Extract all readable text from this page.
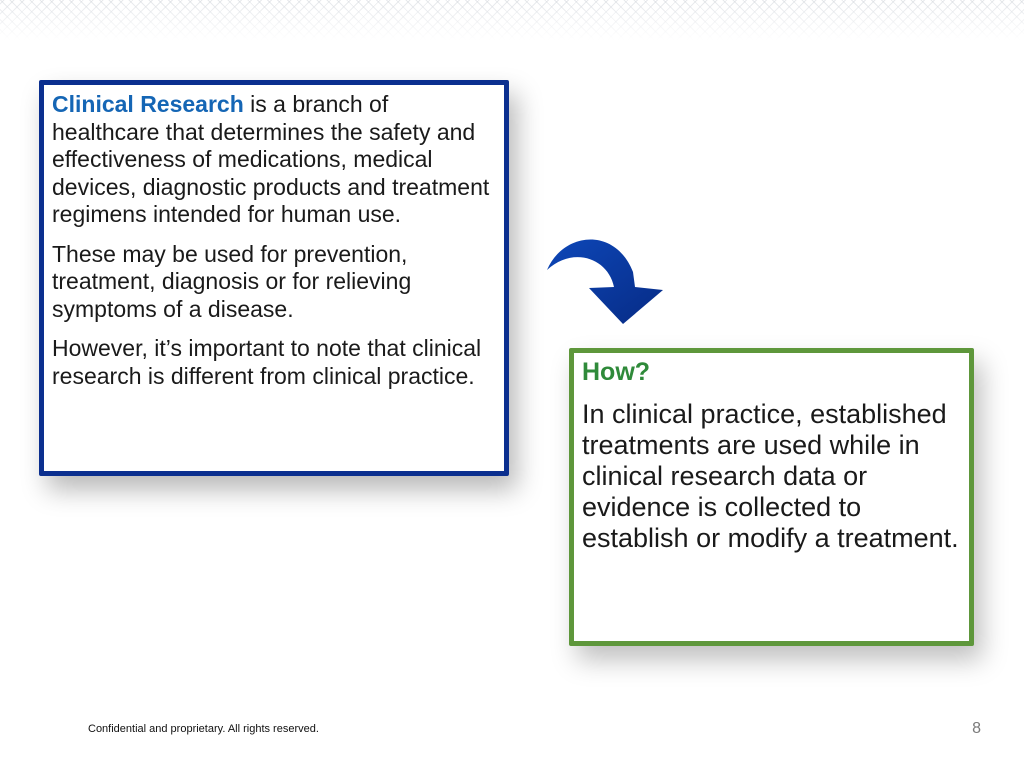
Clinical Research is a branch of healthcare that determines the safety and effectiveness of medications, medical devices, diagnostic products and treatment regimens intended for human use.

These may be used for prevention, treatment, diagnosis or for relieving symptoms of a disease.

However, it’s important to note that clinical research is different from clinical practice.	How?

In clinical practice, established treatments are used while in clinical research data or evidence is collected to establish or modify a treatment.

Confidential and proprietary. All rights reserved.	8
